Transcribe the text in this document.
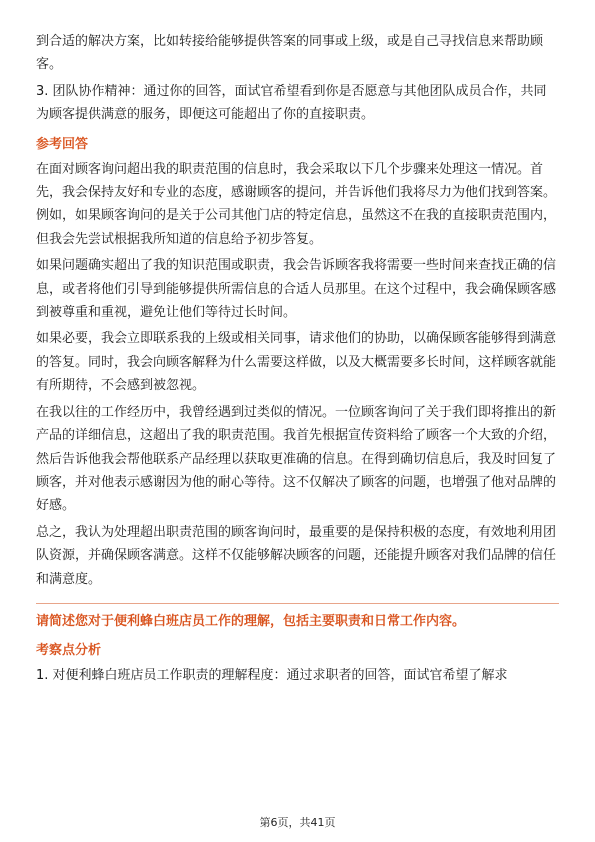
到合适的解决方案，比如转接给能够提供答案的同事或上级，或是自己寻找信息来帮助顾客。

3. 团队协作精神：通过你的回答，面试官希望看到你是否愿意与其他团队成员合作，共同为顾客提供满意的服务，即便这可能超出了你的直接职责。

参考回答

在面对顾客询问超出我的职责范围的信息时，我会采取以下几个步骤来处理这一情况。首先，我会保持友好和专业的态度，感谢顾客的提问，并告诉他们我将尽力为他们找到答案。例如，如果顾客询问的是关于公司其他门店的特定信息，虽然这不在我的直接职责范围内，但我会先尝试根据我所知道的信息给予初步答复。

如果问题确实超出了我的知识范围或职责，我会告诉顾客我将需要一些时间来查找正确的信息，或者将他们引导到能够提供所需信息的合适人员那里。在这个过程中，我会确保顾客感到被尊重和重视，避免让他们等待过长时间。

如果必要，我会立即联系我的上级或相关同事，请求他们的协助，以确保顾客能够得到满意的答复。同时，我会向顾客解释为什么需要这样做，以及大概需要多长时间，这样顾客就能有所期待，不会感到被忽视。

在我以往的工作经历中，我曾经遇到过类似的情况。一位顾客询问了关于我们即将推出的新产品的详细信息，这超出了我的职责范围。我首先根据宣传资料给了顾客一个大致的介绍，然后告诉他我会帮他联系产品经理以获取更准确的信息。在得到确切信息后，我及时回复了顾客，并对他表示感谢因为他的耐心等待。这不仅解决了顾客的问题，也增强了他对品牌的好感。

总之，我认为处理超出职责范围的顾客询问时，最重要的是保持积极的态度，有效地利用团队资源，并确保顾客满意。这样不仅能够解决顾客的问题，还能提升顾客对我们品牌的信任和满意度。

请简述您对于便利蜂白班店员工作的理解，包括主要职责和日常工作内容。
考察点分析

1. 对便利蜂白班店员工作职责的理解程度：通过求职者的回答，面试官希望了解求

第6页，共41页
